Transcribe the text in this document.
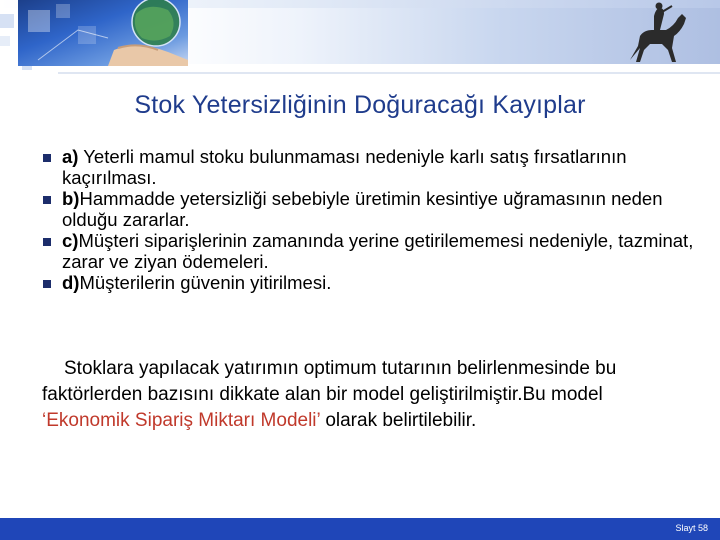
Stok Yetersizliğinin Doğuracağı Kayıplar
a) Yeterli mamul stoku bulunmaması nedeniyle karlı satış fırsatlarının kaçırılması.
b)Hammadde yetersizliği sebebiyle üretimin kesintiye uğramasının neden olduğu zararlar.
c)Müşteri siparişlerinin zamanında yerine getirilememesi nedeniyle, tazminat, zarar ve ziyan ödemeleri.
d)Müşterilerin güvenin yitirilmesi.
Stoklara yapılacak yatırımın optimum tutarının belirlenmesinde bu faktörlerden bazısını dikkate alan bir model geliştirilmiştir.Bu model ‘Ekonomik Sipariş Miktarı Modeli’ olarak belirtilebilir.
Slayt 58
